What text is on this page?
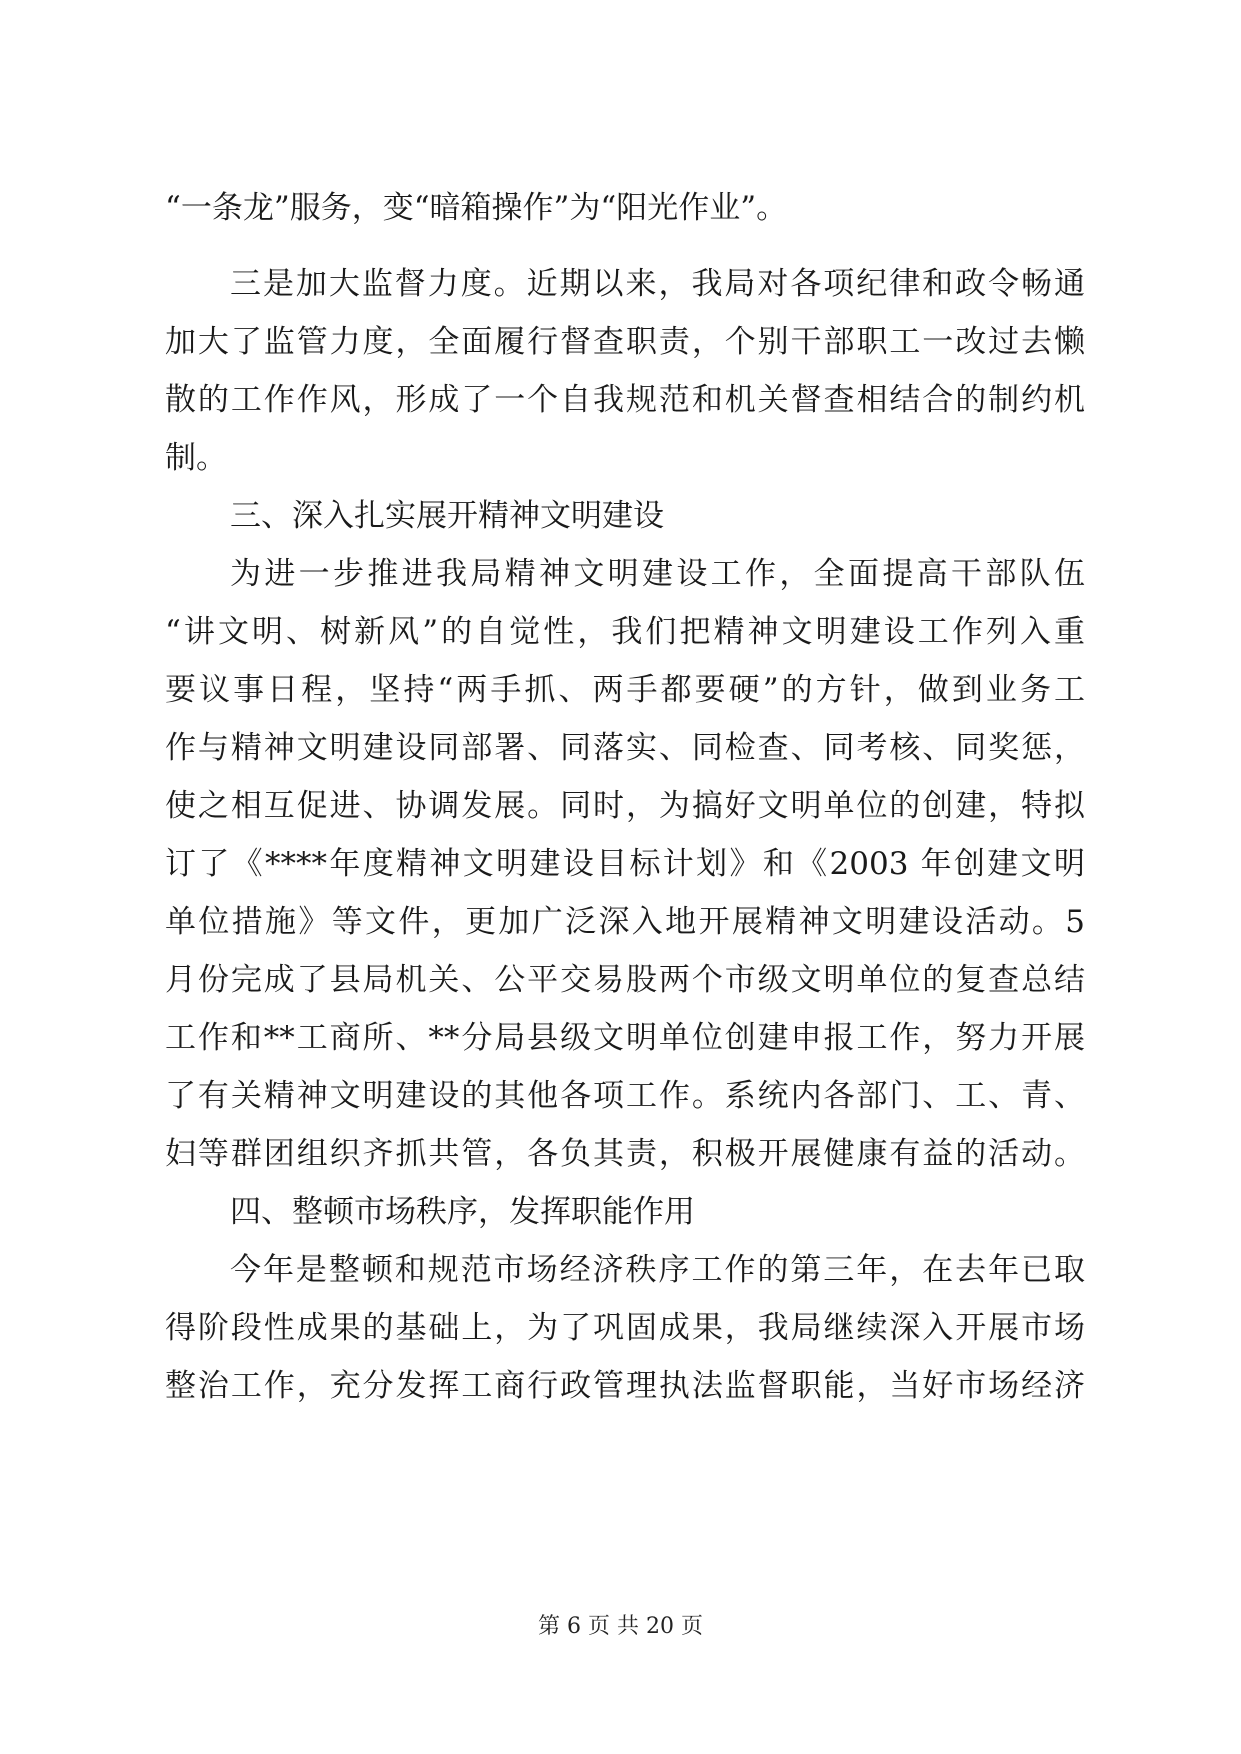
“一条龙”服务，变“暗箱操作”为“阳光作业”。
三是加大监督力度。近期以来，我局对各项纪律和政令畅通
加大了监管力度，全面履行督查职责，个别干部职工一改过去懒
散的工作作风，形成了一个自我规范和机关督查相结合的制约机
制。
三、深入扎实展开精神文明建设
为进一步推进我局精神文明建设工作，全面提高干部队伍
“讲文明、树新风”的自觉性，我们把精神文明建设工作列入重
要议事日程，坚持“两手抓、两手都要硬”的方针，做到业务工
作与精神文明建设同部署、同落实、同检查、同考核、同奖惩，
使之相互促进、协调发展。同时，为搞好文明单位的创建，特拟
订了《****年度精神文明建设目标计划》和《2003 年创建文明
单位措施》等文件，更加广泛深入地开展精神文明建设活动。5
月份完成了县局机关、公平交易股两个市级文明单位的复查总结
工作和**工商所、**分局县级文明单位创建申报工作，努力开展
了有关精神文明建设的其他各项工作。系统内各部门、工、青、
妇等群团组织齐抓共管，各负其责，积极开展健康有益的活动。
四、整顿市场秩序，发挥职能作用
今年是整顿和规范市场经济秩序工作的第三年，在去年已取
得阶段性成果的基础上，为了巩固成果，我局继续深入开展市场
整治工作，充分发挥工商行政管理执法监督职能，当好市场经济
第 6 页 共 20 页
